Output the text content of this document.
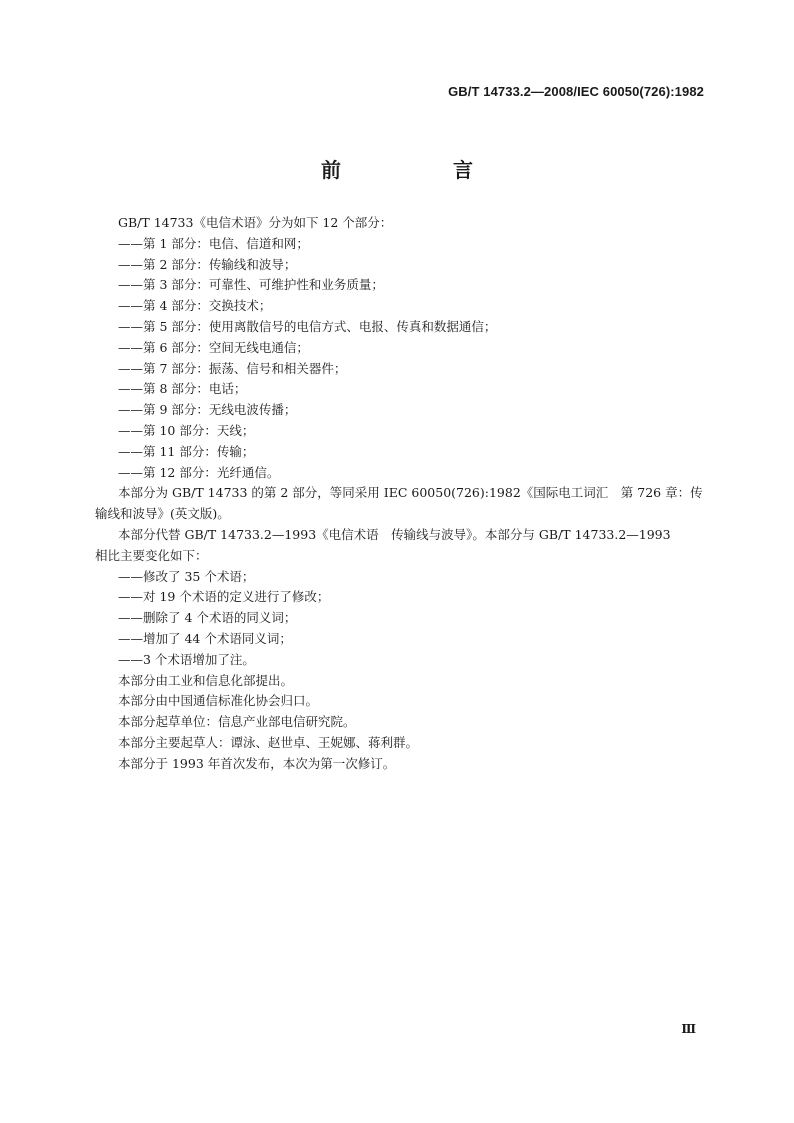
GB/T 14733.2—2008/IEC 60050(726):1982
前　言
GB/T 14733《电信术语》分为如下 12 个部分：
——第 1 部分：电信、信道和网；
——第 2 部分：传输线和波导；
——第 3 部分：可靠性、可维护性和业务质量；
——第 4 部分：交换技术；
——第 5 部分：使用离散信号的电信方式、电报、传真和数据通信；
——第 6 部分：空间无线电通信；
——第 7 部分：振荡、信号和相关器件；
——第 8 部分：电话；
——第 9 部分：无线电波传播；
——第 10 部分：天线；
——第 11 部分：传输；
——第 12 部分：光纤通信。
本部分为 GB/T 14733 的第 2 部分，等同采用 IEC 60050(726):1982《国际电工词汇　第 726 章：传
输线和波导》(英文版)。
本部分代替 GB/T 14733.2—1993《电信术语　传输线与波导》。本部分与 GB/T 14733.2—1993
相比主要变化如下：
——修改了 35 个术语；
——对 19 个术语的定义进行了修改；
——删除了 4 个术语的同义词；
——增加了 44 个术语同义词；
——3 个术语增加了注。
本部分由工业和信息化部提出。
本部分由中国通信标准化协会归口。
本部分起草单位：信息产业部电信研究院。
本部分主要起草人：谭泳、赵世卓、王妮娜、蒋利群。
本部分于 1993 年首次发布，本次为第一次修订。
Ⅲ
